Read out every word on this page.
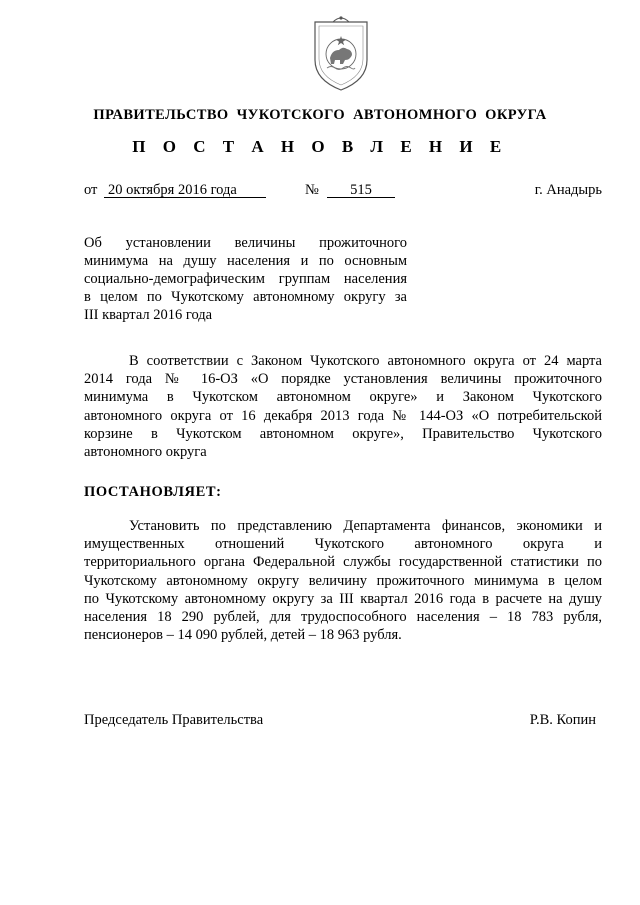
ПРАВИТЕЛЬСТВО ЧУКОТСКОГО АВТОНОМНОГО ОКРУГА
П О С Т А Н О В Л Е Н И Е
от 20 октября 2016 года	№	515	г. Анадырь
Об установлении величины прожиточного
минимума на душу населения и по основным
социально-демографическим группам населения
в целом по Чукотскому автономному округу за
III квартал 2016 года
В соответствии с Законом Чукотского автономного округа от 24 марта
2014 года № 16-ОЗ «О порядке установления величины прожиточного
минимума в Чукотском автономном округе» и Законом Чукотского
автономного округа от 16 декабря 2013 года № 144-ОЗ «О потребительской
корзине в Чукотском автономном округе», Правительство Чукотского
автономного округа
ПОСТАНОВЛЯЕТ:
Установить по представлению Департамента финансов, экономики и
имущественных отношений Чукотского автономного округа и
территориального органа Федеральной службы государственной статистики по
Чукотскому автономному округу величину прожиточного минимума в целом
по Чукотскому автономному округу за III квартал 2016 года в расчете на душу
населения 18 290 рублей, для трудоспособного населения – 18 783 рубля,
пенсионеров – 14 090 рублей, детей – 18 963 рубля.
Председатель Правительства	Р.В. Копин
